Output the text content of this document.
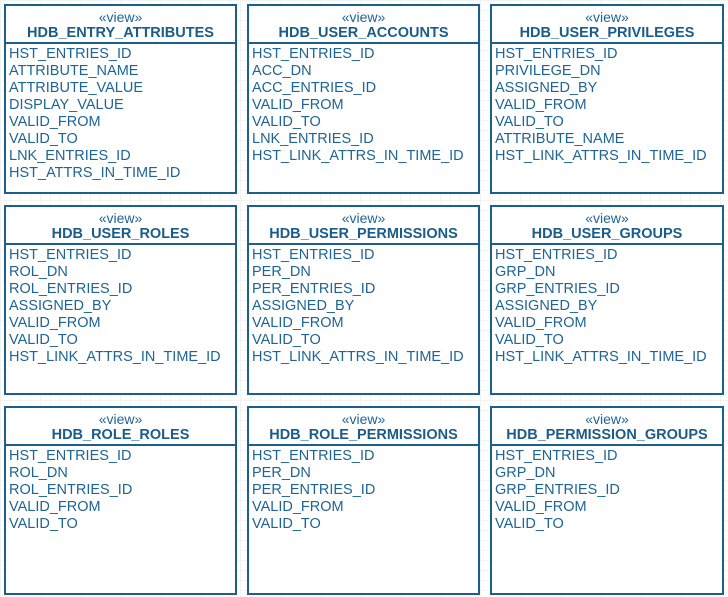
«view»
HDB_ENTRY_ATTRIBUTES
HST_ENTRIES_ID
ATTRIBUTE_NAME
ATTRIBUTE_VALUE
DISPLAY_VALUE
VALID_FROM
VALID_TO
LNK_ENTRIES_ID
HST_ATTRS_IN_TIME_ID
«view»
HDB_USER_ACCOUNTS
HST_ENTRIES_ID
ACC_DN
ACC_ENTRIES_ID
VALID_FROM
VALID_TO
LNK_ENTRIES_ID
HST_LINK_ATTRS_IN_TIME_ID
«view»
HDB_USER_PRIVILEGES
HST_ENTRIES_ID
PRIVILEGE_DN
ASSIGNED_BY
VALID_FROM
VALID_TO
ATTRIBUTE_NAME
HST_LINK_ATTRS_IN_TIME_ID
«view»
HDB_USER_ROLES
HST_ENTRIES_ID
ROL_DN
ROL_ENTRIES_ID
ASSIGNED_BY
VALID_FROM
VALID_TO
HST_LINK_ATTRS_IN_TIME_ID
«view»
HDB_USER_PERMISSIONS
HST_ENTRIES_ID
PER_DN
PER_ENTRIES_ID
ASSIGNED_BY
VALID_FROM
VALID_TO
HST_LINK_ATTRS_IN_TIME_ID
«view»
HDB_USER_GROUPS
HST_ENTRIES_ID
GRP_DN
GRP_ENTRIES_ID
ASSIGNED_BY
VALID_FROM
VALID_TO
HST_LINK_ATTRS_IN_TIME_ID
«view»
HDB_ROLE_ROLES
HST_ENTRIES_ID
ROL_DN
ROL_ENTRIES_ID
VALID_FROM
VALID_TO
«view»
HDB_ROLE_PERMISSIONS
HST_ENTRIES_ID
PER_DN
PER_ENTRIES_ID
VALID_FROM
VALID_TO
«view»
HDB_PERMISSION_GROUPS
HST_ENTRIES_ID
GRP_DN
GRP_ENTRIES_ID
VALID_FROM
VALID_TO
